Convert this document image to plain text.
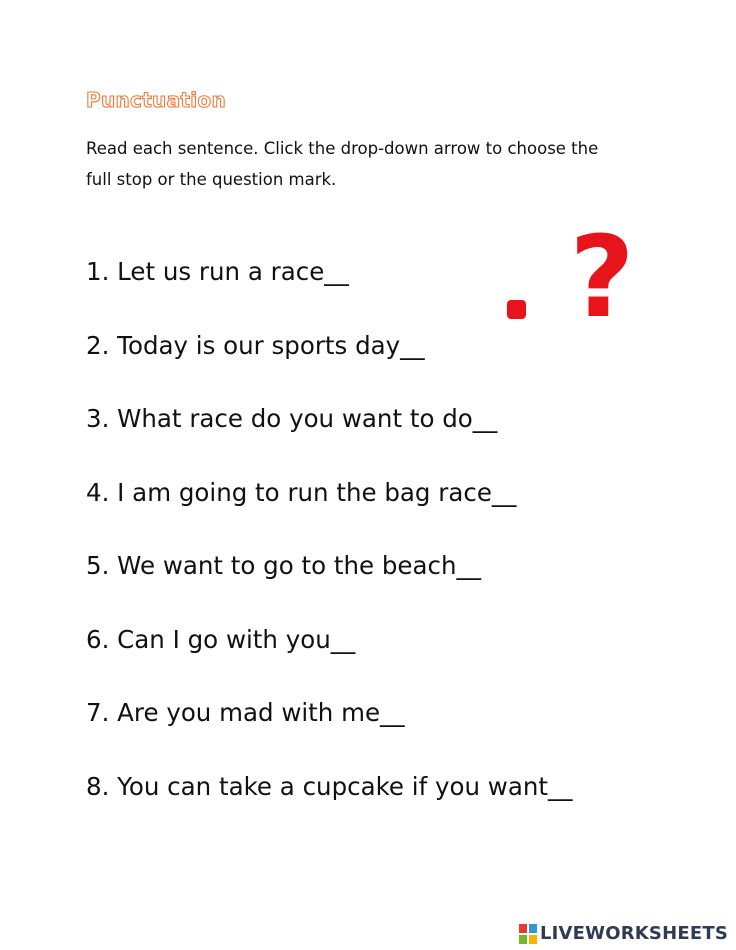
Punctuation

Read each sentence. Click the drop-down arrow to choose the
full stop or the question mark.

1. Let us run a race__
2. Today is our sports day__
3. What race do you want to do__
4. I am going to run the bag race__
5. We want to go to the beach__
6. Can I go with you__
7. Are you mad with me__
8. You can take a cupcake if you want__
?
LIVEWORKSHEETS
